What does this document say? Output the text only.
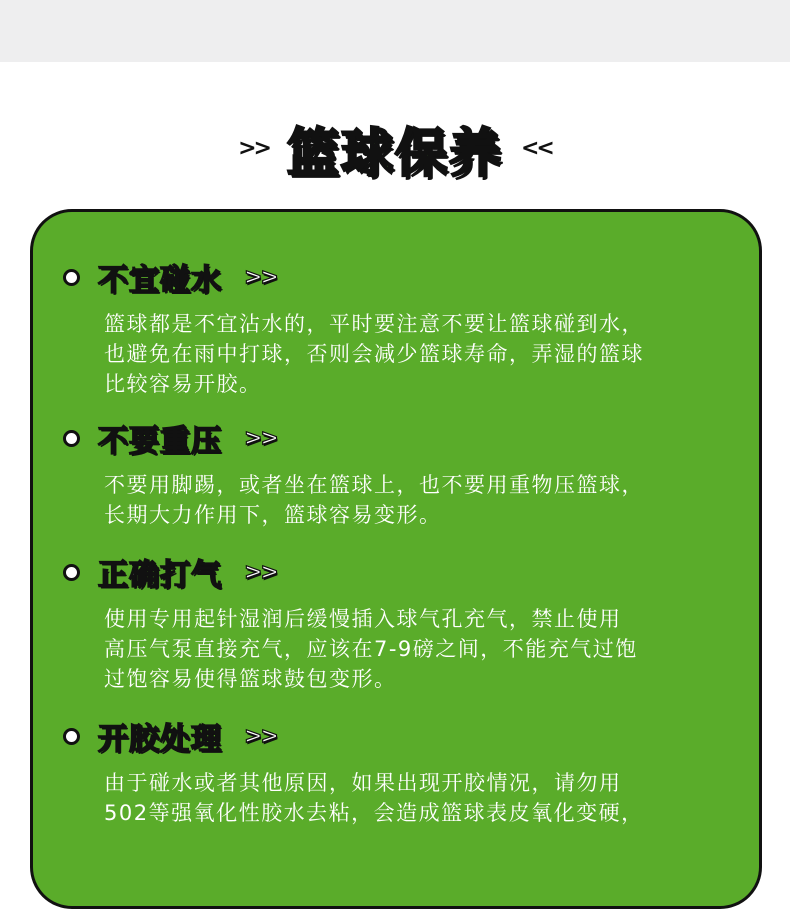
>> 篮球保养 <<
不宜碰水 >>
篮球都是不宜沾水的，平时要注意不要让篮球碰到水，
也避免在雨中打球，否则会减少篮球寿命，弄湿的篮球
比较容易开胶。
不要重压 >>
不要用脚踢，或者坐在篮球上，也不要用重物压篮球，
长期大力作用下，篮球容易变形。
正确打气 >>
使用专用起针湿润后缓慢插入球气孔充气，禁止使用
高压气泵直接充气，应该在7-9磅之间，不能充气过饱
过饱容易使得篮球鼓包变形。
开胶处理 >>
由于碰水或者其他原因，如果出现开胶情况，请勿用
502等强氧化性胶水去粘，会造成篮球表皮氧化变硬，
